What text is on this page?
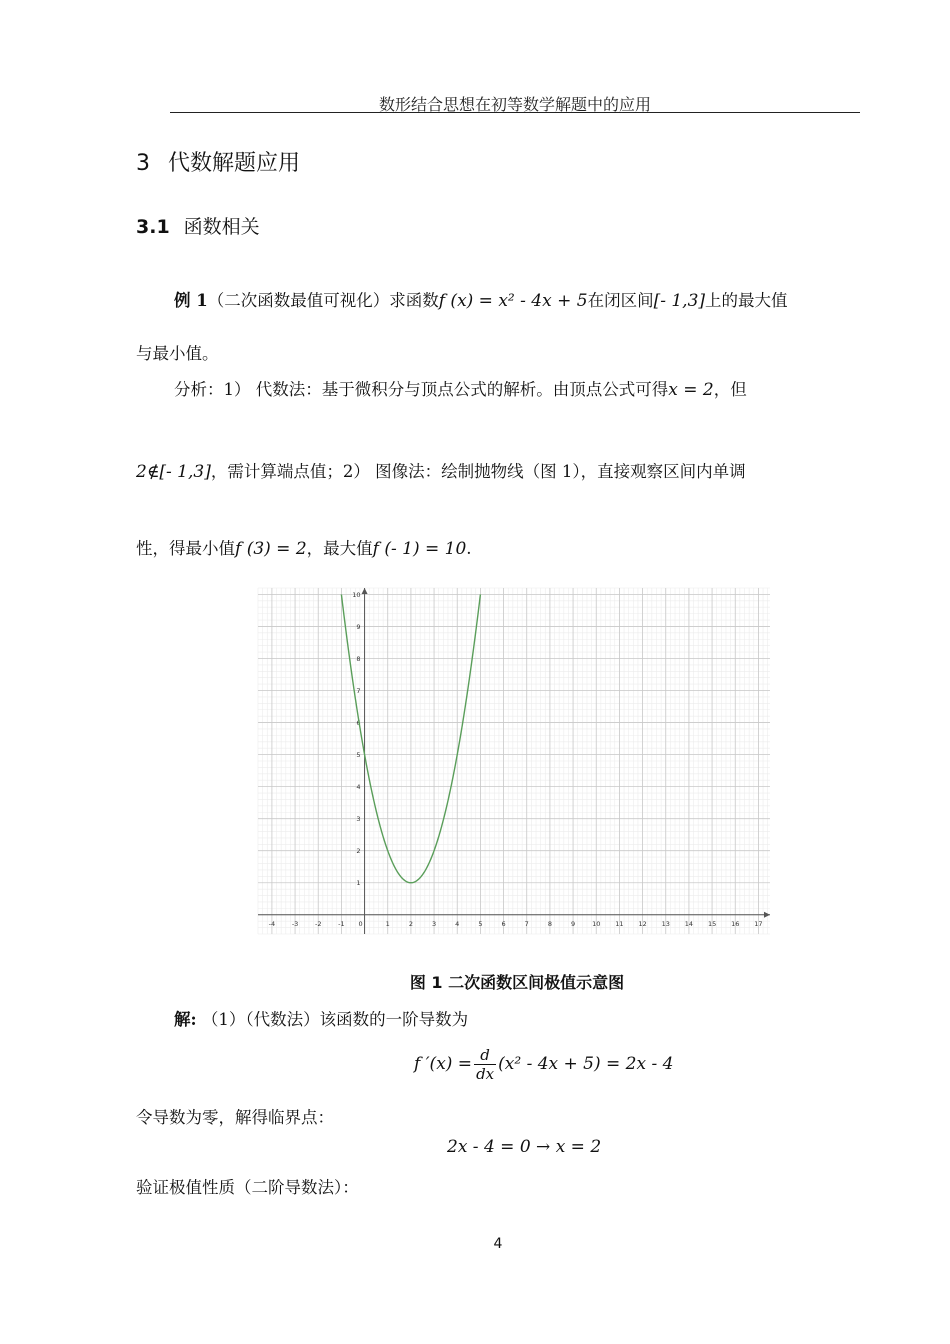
数形结合思想在初等数学解题中的应用
3 代数解题应用
3.1 函数相关
例 1（二次函数最值可视化）求函数f (x) = x² - 4x + 5在闭区间[- 1,3]上的最大值
与最小值。
分析：1） 代数法：基于微积分与顶点公式的解析。由顶点公式可得x = 2，但
2∉[- 1,3]，需计算端点值；2） 图像法：绘制抛物线（图 1），直接观察区间内单调
性，得最小值f (3) = 2，最大值f (- 1) = 10.
-4	-3	-2	-1 0	1	2	3	4	5	6	7	8	9	10 11 12 13 14 15 16 17
1
2
3
4
5
6
7
8
9
10
图 1 二次函数区间极值示意图
解: （1）（代数法）该函数的一阶导数为
f $'(x) = \frac{d}{dx} (x^2 - 4x + 5) = 2x - 4$
令导数为零，解得临界点：
2x - 4 = 0 → x = 2
验证极值性质（二阶导数法）：
4
